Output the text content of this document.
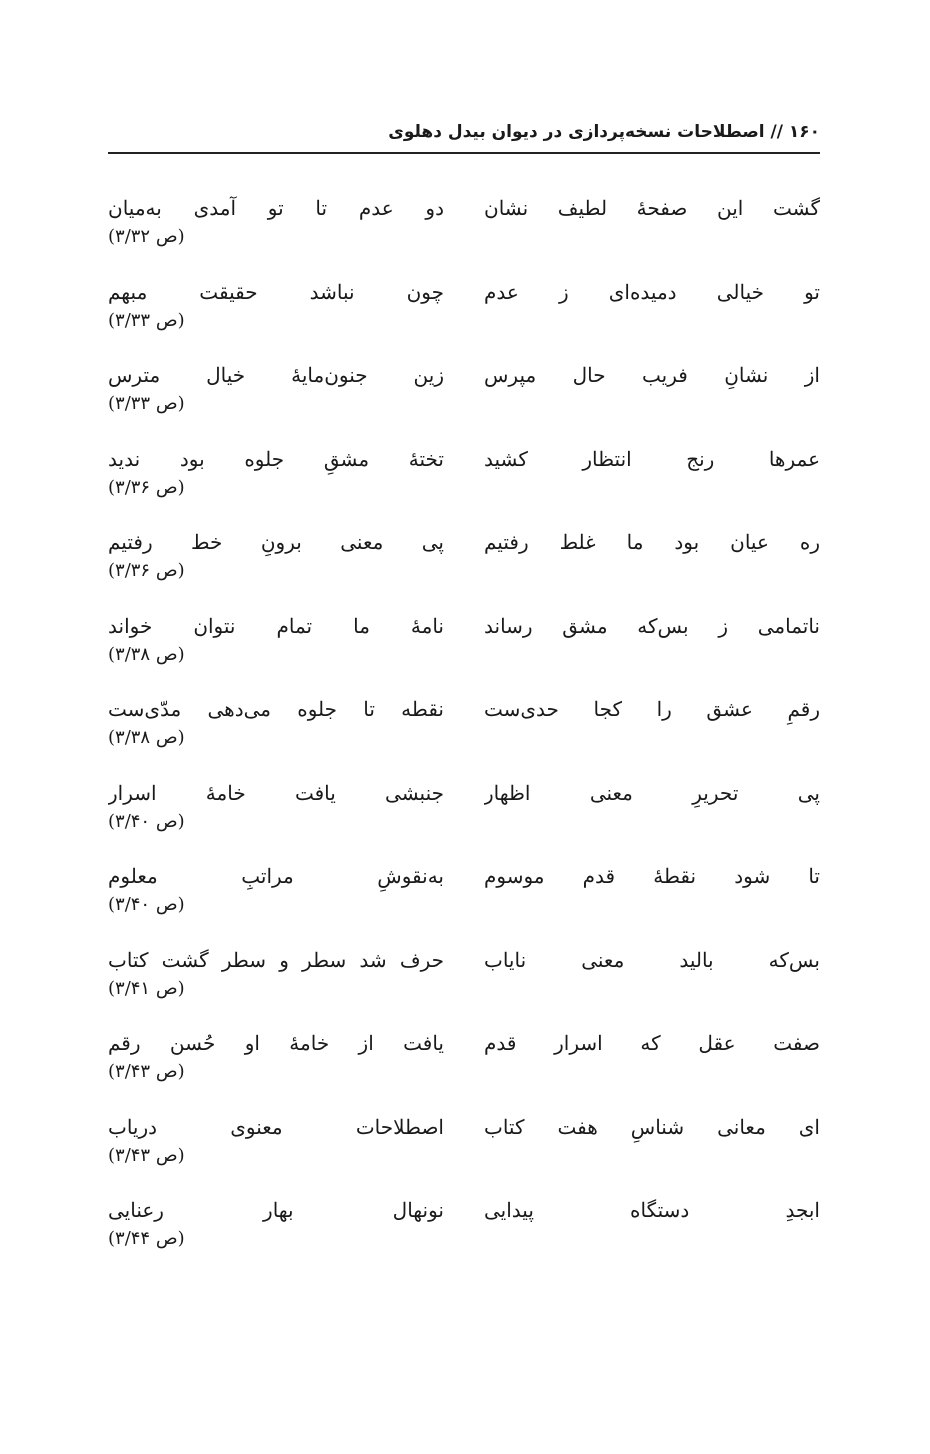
۱۶۰ // اصطلاحات نسخه‌پردازی در دیوان بیدل دهلوی
گشت این صفحهٔ لطیف نشان
دو عدم تا تو آمدی به‌میان
(ص ۳/۳۲)
تو خیالی دمیده‌ای ز عدم
چون نباشد حقیقت مبهم
(ص ۳/۳۳)
از نشانِ فریب حال مپرس
زین جنون‌مایهٔ خیال مترس
(ص ۳/۳۳)
عمرها رنج انتظار کشید
تختهٔ مشقِ جلوه بود ندید
(ص ۳/۳۶)
ره عیان بود ما غلط رفتیم
پی معنی برونِ خط رفتیم
(ص ۳/۳۶)
ناتمامی ز بس‌که مشق رساند
نامهٔ ما تمام نتوان خواند
(ص ۳/۳۸)
رقمِ عشق را کجا حدی‌ست
نقطه تا جلوه می‌دهی مدّی‌ست
(ص ۳/۳۸)
پی تحریرِ معنی اظهار
جنبشی یافت خامهٔ اسرار
(ص ۳/۴۰)
تا شود نقطهٔ قدم موسوم
به‌نقوشِ مراتبِ معلوم
(ص ۳/۴۰)
بس‌که بالید معنی نایاب
حرف شد سطر و سطر گشت کتاب
(ص ۳/۴۱)
صفت عقل که اسرار قدم
یافت از خامهٔ او حُسن رقم
(ص ۳/۴۳)
ای معانی شناسِ هفت کتاب
اصطلاحات معنوی دریاب
(ص ۳/۴۳)
ابجدِ دستگاه پیدایی
نونهال بهار رعنایی
(ص ۳/۴۴)
